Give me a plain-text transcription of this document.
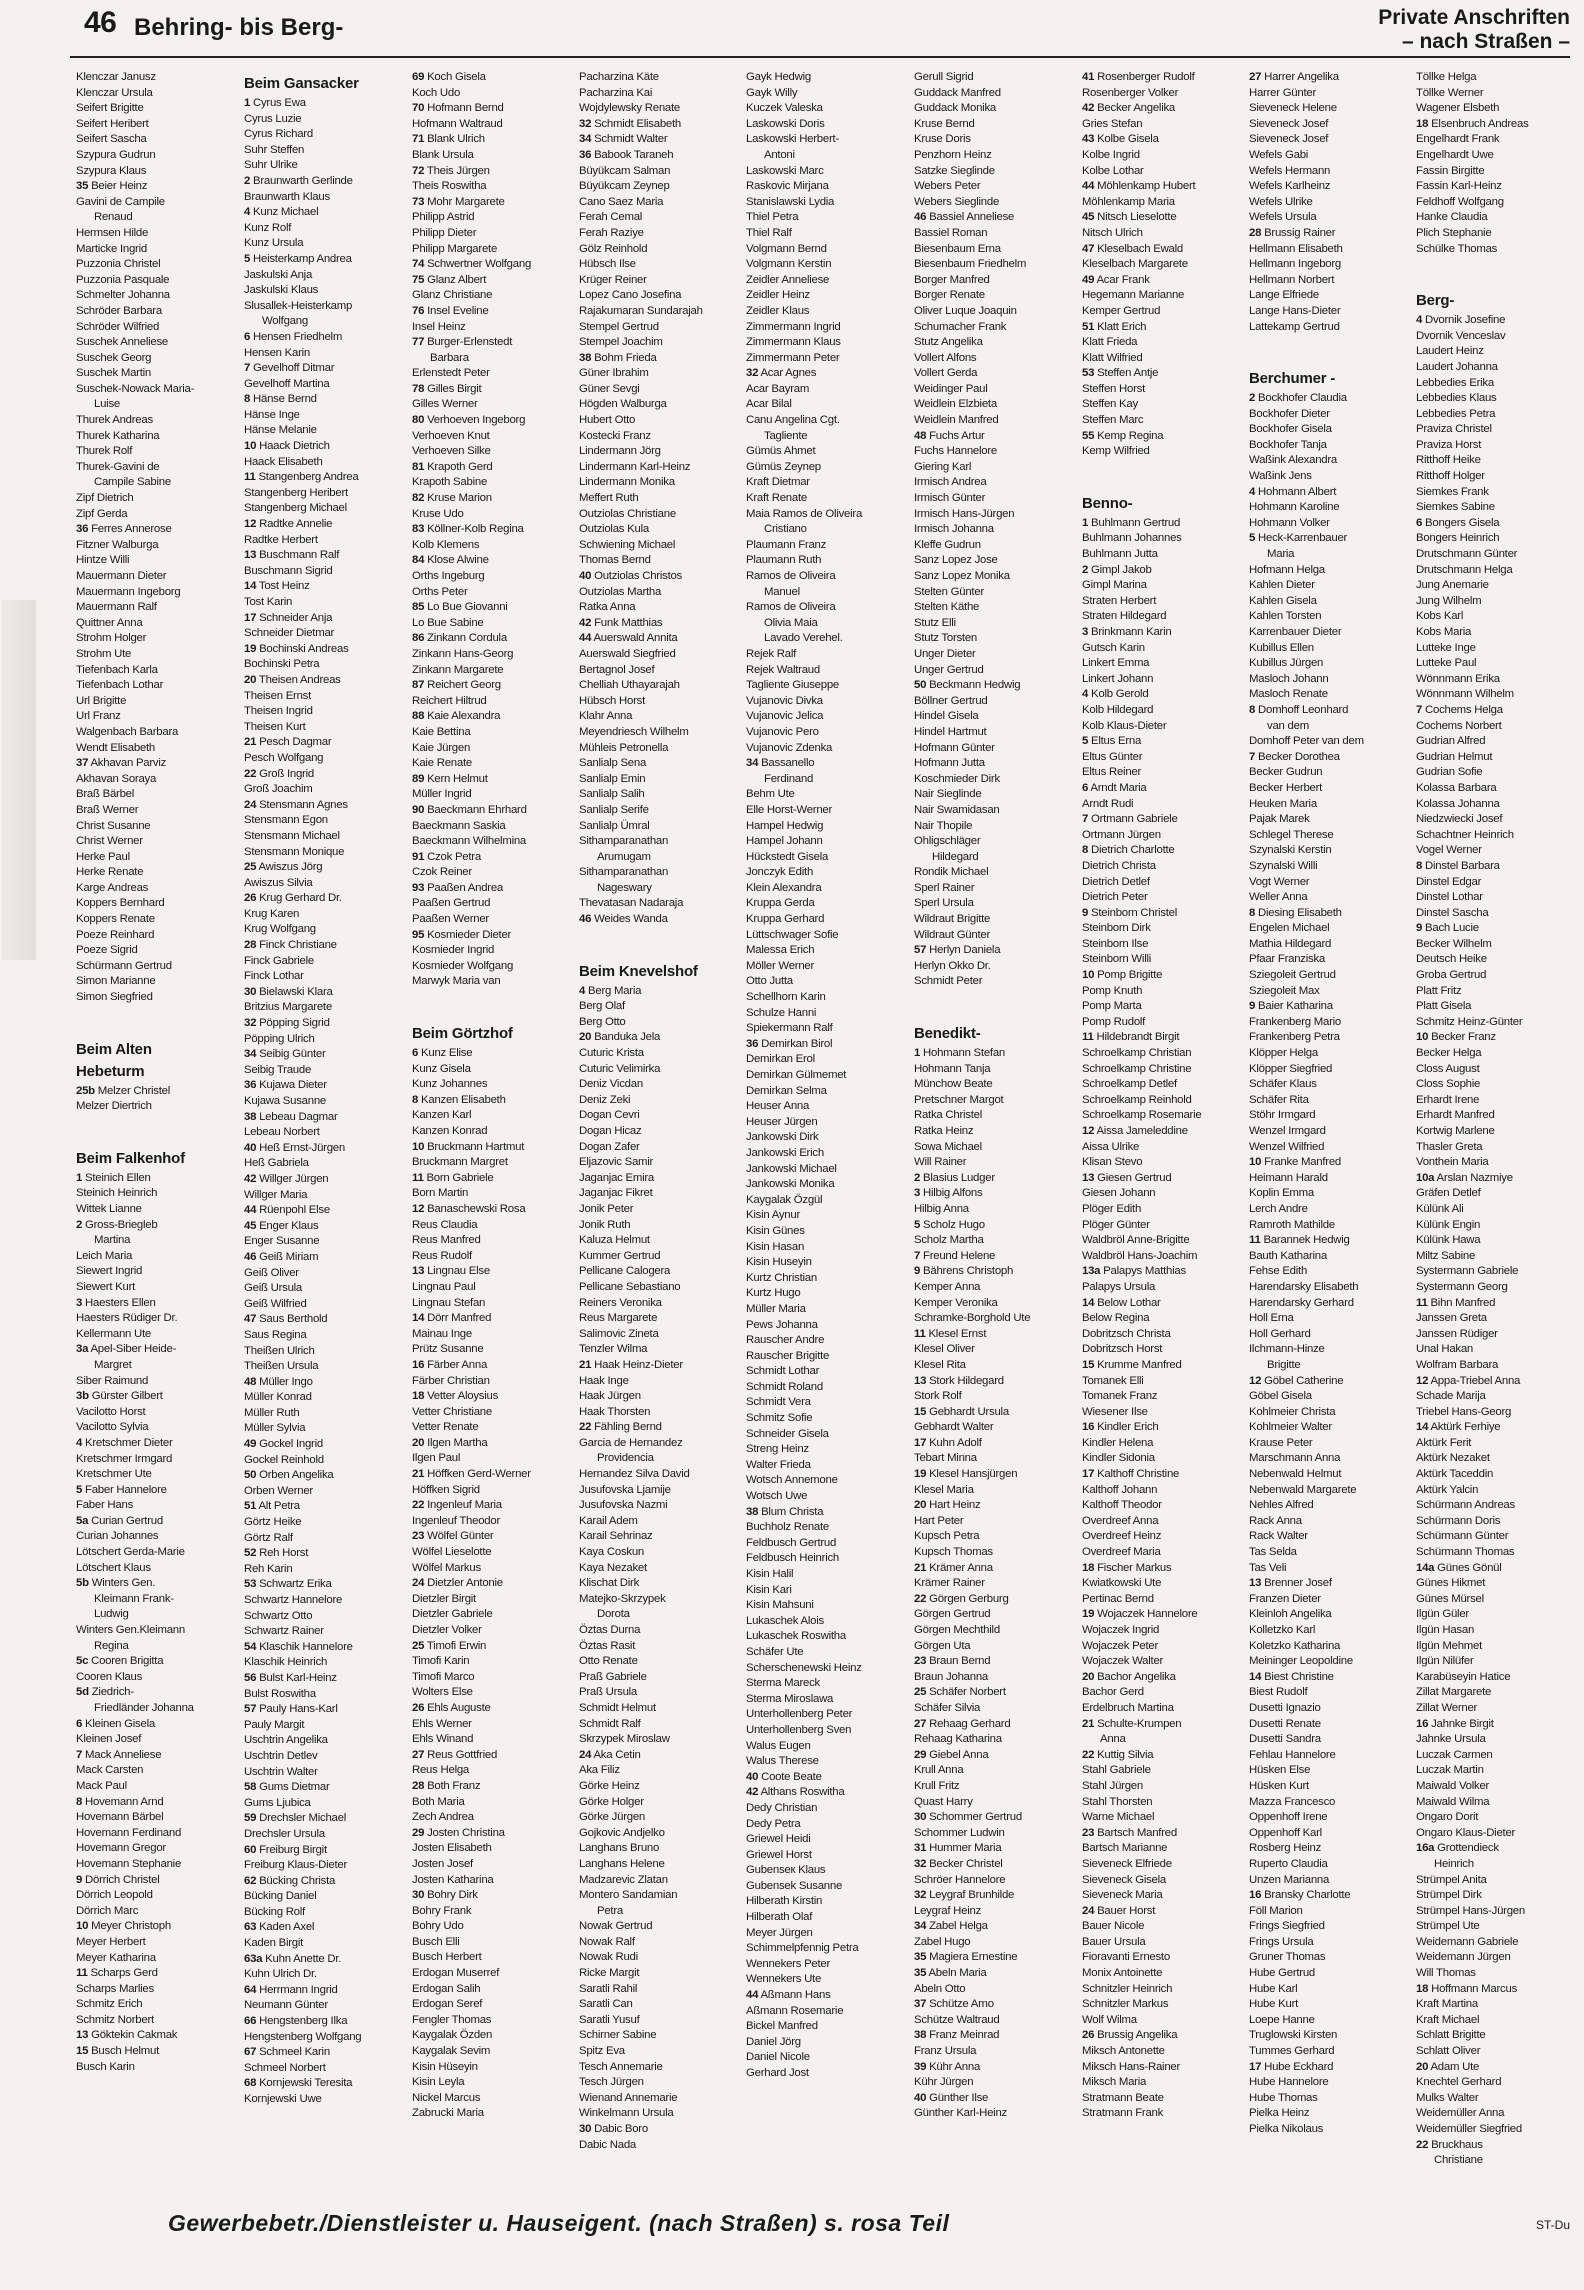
46 Behring- bis Berg-	Private Anschriften
– nach Straßen –
Klenczar Janusz
Klenczar Ursula
Seifert Brigitte
Seifert Heribert
Seifert Sascha
Szypura Gudrun
Szypura Klaus
35 Beier Heinz
Gavini de Campile
Renaud
Hermsen Hilde
Marticke Ingrid
Puzzonia Christel
Puzzonia Pasquale
Schmelter Johanna
Schröder Barbara
Schröder Wilfried
Suschek Anneliese
Suschek Georg
Suschek Martin
Suschek-Nowack Maria-
Luise
Thurek Andreas
Thurek Katharina
Thurek Rolf
Thurek-Gavini de
Campile Sabine
Zipf Dietrich
Zipf Gerda
36 Ferres Annerose
Fitzner Walburga
Hintze Willi
Mauermann Dieter
Mauermann Ingeborg
Mauermann Ralf
Quittner Anna
Strohm Holger
Strohm Ute
Tiefenbach Karla
Tiefenbach Lothar
Url Brigitte
Url Franz
Walgenbach Barbara
Wendt Elisabeth
37 Akhavan Parviz
Akhavan Soraya
Braß Bärbel
Braß Werner
Christ Susanne
Christ Werner
Herke Paul
Herke Renate
Karge Andreas
Koppers Bernhard
Koppers Renate
Poeze Reinhard
Poeze Sigrid
Schürmann Gertrud
Simon Marianne
Simon Siegfried
Beim Alten
Hebeturm
25b Melzer Christel
Melzer Diertrich
Beim Falkenhof
1 Steinich Ellen
Steinich Heinrich
Wittek Lianne
2 Gross-Briegleb
Martina
Leich Maria
Siewert Ingrid
Siewert Kurt
3 Haesters Ellen
Haesters Rüdiger Dr.
Kellermann Ute
3a Apel-Siber Heide-
Margret
Siber Raimund
3b Gürster Gilbert
Vacilotto Horst
Vacilotto Sylvia
4 Kretschmer Dieter
Kretschmer Irmgard
Kretschmer Ute
5 Faber Hannelore
Faber Hans
5a Curian Gertrud
Curian Johannes
Lötschert Gerda-Marie
Lötschert Klaus
5b Winters Gen.
Kleimann Frank-
Ludwig
Winters Gen.Kleimann
Regina
5c Cooren Brigitta
Cooren Klaus
5d Ziedrich-
Friedländer Johanna
6 Kleinen Gisela
Kleinen Josef
7 Mack Anneliese
Mack Carsten
Mack Paul
8 Hovemann Arnd
Hovemann Bärbel
Hovemann Ferdinand
Hovemann Gregor
Hovemann Stephanie
9 Dörrich Christel
Dörrich Leopold
Dörrich Marc
10 Meyer Christoph
Meyer Herbert
Meyer Katharina
11 Scharps Gerd
Scharps Marlies
Schmitz Erich
Schmitz Norbert
13 Göktekin Cakmak
15 Busch Helmut
Busch Karin
Beim Gansacker
1 Cyrus Ewa
Cyrus Luzie
Cyrus Richard
Suhr Steffen
Suhr Ulrike
2 Braunwarth Gerlinde
Braunwarth Klaus
4 Kunz Michael
Kunz Rolf
Kunz Ursula
5 Heisterkamp Andrea
Jaskulski Anja
Jaskulski Klaus
Slusallek-Heisterkamp
Wolfgang
6 Hensen Friedhelm
Hensen Karin
7 Gevelhoff Ditmar
Gevelhoff Martina
8 Hänse Bernd
Hänse Inge
Hänse Melanie
10 Haack Dietrich
Haack Elisabeth
11 Stangenberg Andrea
Stangenberg Heribert
Stangenberg Michael
12 Radtke Annelie
Radtke Herbert
13 Buschmann Ralf
Buschmann Sigrid
14 Tost Heinz
Tost Karin
17 Schneider Anja
Schneider Dietmar
19 Bochinski Andreas
Bochinski Petra
20 Theisen Andreas
Theisen Ernst
Theisen Ingrid
Theisen Kurt
21 Pesch Dagmar
Pesch Wolfgang
22 Groß Ingrid
Groß Joachim
24 Stensmann Agnes
Stensmann Egon
Stensmann Michael
Stensmann Monique
25 Awiszus Jörg
Awiszus Silvia
26 Krug Gerhard Dr.
Krug Karen
Krug Wolfgang
28 Finck Christiane
Finck Gabriele
Finck Lothar
30 Bielawski Klara
Britzius Margarete
32 Pöpping Sigrid
Pöpping Ulrich
34 Seibig Günter
Seibig Traude
36 Kujawa Dieter
Kujawa Susanne
38 Lebeau Dagmar
Lebeau Norbert
40 Heß Ernst-Jürgen
Heß Gabriela
42 Willger Jürgen
Willger Maria
44 Rüenpohl Else
45 Enger Klaus
Enger Susanne
46 Geiß Miriam
Geiß Oliver
Geiß Ursula
Geiß Wilfried
47 Saus Berthold
Saus Regina
Theißen Ulrich
Theißen Ursula
48 Müller Ingo
Müller Konrad
Müller Ruth
Müller Sylvia
49 Gockel Ingrid
Gockel Reinhold
50 Orben Angelika
Orben Werner
51 Alt Petra
Görtz Heike
Görtz Ralf
52 Reh Horst
Reh Karin
53 Schwartz Erika
Schwartz Hannelore
Schwartz Otto
Schwartz Rainer
54 Klaschik Hannelore
Klaschik Heinrich
56 Bulst Karl-Heinz
Bulst Roswitha
57 Pauly Hans-Karl
Pauly Margit
Uschtrin Angelika
Uschtrin Detlev
Uschtrin Walter
58 Gums Dietmar
Gums Ljubica
59 Drechsler Michael
Drechsler Ursula
60 Freiburg Birgit
Freiburg Klaus-Dieter
62 Bücking Christa
Bücking Daniel
Bücking Rolf
63 Kaden Axel
Kaden Birgit
63a Kuhn Anette Dr.
Kuhn Ulrich Dr.
64 Herrmann Ingrid
Neumann Günter
66 Hengstenberg Ilka
Hengstenberg Wolfgang
67 Schmeel Karin
Schmeel Norbert
68 Kornjewski Teresita
Kornjewski Uwe
69 Koch Gisela
Koch Udo
70 Hofmann Bernd
Hofmann Waltraud
71 Blank Ulrich
Blank Ursula
72 Theis Jürgen
Theis Roswitha
73 Mohr Margarete
Philipp Astrid
Philipp Dieter
Philipp Margarete
74 Schwertner Wolfgang
75 Glanz Albert
Glanz Christiane
76 Insel Eveline
Insel Heinz
77 Burger-Erlenstedt
Barbara
Erlenstedt Peter
78 Gilles Birgit
Gilles Werner
80 Verhoeven Ingeborg
Verhoeven Knut
Verhoeven Silke
81 Krapoth Gerd
Krapoth Sabine
82 Kruse Marion
Kruse Udo
83 Köllner-Kolb Regina
Kolb Klemens
84 Klose Alwine
Orths Ingeburg
Orths Peter
85 Lo Bue Giovanni
Lo Bue Sabine
86 Zinkann Cordula
Zinkann Hans-Georg
Zinkann Margarete
87 Reichert Georg
Reichert Hiltrud
88 Kaie Alexandra
Kaie Bettina
Kaie Jürgen
Kaie Renate
89 Kern Helmut
Müller Ingrid
90 Baeckmann Ehrhard
Baeckmann Saskia
Baeckmann Wilhelmina
91 Czok Petra
Czok Reiner
93 Paaßen Andrea
Paaßen Gertrud
Paaßen Werner
95 Kosmieder Dieter
Kosmieder Ingrid
Kosmieder Wolfgang
Marwyk Maria van
Beim Görtzhof
6 Kunz Elise
Kunz Gisela
Kunz Johannes
8 Kanzen Elisabeth
Kanzen Karl
Kanzen Konrad
10 Bruckmann Hartmut
Bruckmann Margret
11 Born Gabriele
Born Martin
12 Banaschewski Rosa
Reus Claudia
Reus Manfred
Reus Rudolf
13 Lingnau Else
Lingnau Paul
Lingnau Stefan
14 Dörr Manfred
Mainau Inge
Prütz Susanne
16 Färber Anna
Färber Christian
18 Vetter Aloysius
Vetter Christiane
Vetter Renate
20 Ilgen Martha
Ilgen Paul
21 Höffken Gerd-Werner
Höffken Sigrid
22 Ingenleuf Maria
Ingenleuf Theodor
23 Wölfel Günter
Wölfel Lieselotte
Wölfel Markus
24 Dietzler Antonie
Dietzler Birgit
Dietzler Gabriele
Dietzler Volker
25 Timofi Erwin
Timofi Karin
Timofi Marco
Wolters Else
26 Ehls Auguste
Ehls Werner
Ehls Winand
27 Reus Gottfried
Reus Helga
28 Both Franz
Both Maria
Zech Andrea
29 Josten Christina
Josten Elisabeth
Josten Josef
Josten Katharina
30 Bohry Dirk
Bohry Frank
Bohry Udo
Busch Elli
Busch Herbert
Erdogan Muserref
Erdogan Salih
Erdogan Seref
Fengler Thomas
Kaygalak Özden
Kaygalak Sevim
Kisin Hüseyin
Kisin Leyla
Nickel Marcus
Zabrucki Maria
Pacharzina Käte
Pacharzina Kai
Wojdylewsky Renate
32 Schmidt Elisabeth
34 Schmidt Walter
36 Babook Taraneh
Büyükcam Salman
Büyükcam Zeynep
Cano Saez Maria
Ferah Cemal
Ferah Raziye
Gölz Reinhold
Hübsch Ilse
Krüger Reiner
Lopez Cano Josefina
Rajakumaran Sundarajah
Stempel Gertrud
Stempel Joachim
38 Bohm Frieda
Güner Ibrahim
Güner Sevgi
Högden Walburga
Hubert Otto
Kostecki Franz
Lindermann Jörg
Lindermann Karl-Heinz
Lindermann Monika
Meffert Ruth
Outziolas Christiane
Outziolas Kula
Schwiening Michael
Thomas Bernd
40 Outziolas Christos
Outziolas Martha
Ratka Anna
42 Funk Matthias
44 Auerswald Annita
Auerswald Siegfried
Bertagnol Josef
Chelliah Uthayarajah
Hübsch Horst
Klahr Anna
Meyendriesch Wilhelm
Mühleis Petronella
Sanlialp Sena
Sanlialp Emin
Sanlialp Salih
Sanlialp Serife
Sanlialp Ümral
Sithamparanathan
Arumugam
Sithamparanathan
Nageswary
Thevatasan Nadaraja
46 Weides Wanda
Beim Knevelshof
4 Berg Maria
Berg Olaf
Berg Otto
20 Banduka Jela
Cuturic Krista
Cuturic Velimirka
Deniz Vicdan
Deniz Zeki
Dogan Cevri
Dogan Hicaz
Dogan Zafer
Eljazovic Samir
Jaganjac Emira
Jaganjac Fikret
Jonik Peter
Jonik Ruth
Kaluza Helmut
Kummer Gertrud
Pellicane Calogera
Pellicane Sebastiano
Reiners Veronika
Reus Margarete
Salimovic Zineta
Tenzler Wilma
21 Haak Heinz-Dieter
Haak Inge
Haak Jürgen
Haak Thorsten
22 Fähling Bernd
Garcia de Hernandez
Providencia
Hernandez Silva David
Jusufovska Ljamije
Jusufovska Nazmi
Karail Adem
Karail Sehrinaz
Kaya Coskun
Kaya Nezaket
Klischat Dirk
Matejko-Skrzypek
Dorota
Öztas Durna
Öztas Rasit
Otto Renate
Praß Gabriele
Praß Ursula
Schmidt Helmut
Schmidt Ralf
Skrzypek Miroslaw
24 Aka Cetin
Aka Filiz
Görke Heinz
Görke Holger
Görke Jürgen
Gojkovic Andjelko
Langhans Bruno
Langhans Helene
Madzarevic Zlatan
Montero Sandamian
Petra
Nowak Gertrud
Nowak Ralf
Nowak Rudi
Ricke Margit
Saratli Rahil
Saratli Can
Saratli Yusuf
Schirner Sabine
Spitz Eva
Tesch Annemarie
Tesch Jürgen
Wienand Annemarie
Winkelmann Ursula
30 Dabic Boro
Dabic Nada
Gayk Hedwig
Gayk Willy
Kuczek Valeska
Laskowski Doris
Laskowski Herbert-
Antoni
Laskowski Marc
Raskovic Mirjana
Stanislawski Lydia
Thiel Petra
Thiel Ralf
Volgmann Bernd
Volgmann Kerstin
Zeidler Anneliese
Zeidler Heinz
Zeidler Klaus
Zimmermann Ingrid
Zimmermann Klaus
Zimmermann Peter
32 Acar Agnes
Acar Bayram
Acar Bilal
Canu Angelina Cgt.
Tagliente
Gümüs Ahmet
Gümüs Zeynep
Kraft Dietmar
Kraft Renate
Maia Ramos de Oliveira
Cristiano
Plaumann Franz
Plaumann Ruth
Ramos de Oliveira
Manuel
Ramos de Oliveira
Olivia Maia
Lavado Verehel.
Rejek Ralf
Rejek Waltraud
Tagliente Giuseppe
Vujanovic Divka
Vujanovic Jelica
Vujanovic Pero
Vujanovic Zdenka
34 Bassanello
Ferdinand
Behm Ute
Elle Horst-Werner
Hampel Hedwig
Hampel Johann
Hückstedt Gisela
Jonczyk Edith
Klein Alexandra
Kruppa Gerda
Kruppa Gerhard
Lüttschwager Sofie
Malessa Erich
Möller Werner
Otto Jutta
Schellhorn Karin
Schulze Hanni
Spiekermann Ralf
36 Demirkan Birol
Demirkan Erol
Demirkan Gülmemet
Demirkan Selma
Heuser Anna
Heuser Jürgen
Jankowski Dirk
Jankowski Erich
Jankowski Michael
Jankowski Monika
Kaygalak Özgül
Kisin Aynur
Kisin Günes
Kisin Hasan
Kisin Huseyin
Kurtz Christian
Kurtz Hugo
Müller Maria
Pews Johanna
Rauscher Andre
Rauscher Brigitte
Schmidt Lothar
Schmidt Roland
Schmidt Vera
Schmitz Sofie
Schneider Gisela
Streng Heinz
Walter Frieda
Wotsch Annemone
Wotsch Uwe
38 Blum Christa
Buchholz Renate
Feldbusch Gertrud
Feldbusch Heinrich
Kisin Halil
Kisin Kari
Kisin Mahsuni
Lukaschek Alois
Lukaschek Roswitha
Schäfer Ute
Scherschenewski Heinz
Sterma Mareck
Sterma Miroslawa
Unterhollenberg Peter
Unterhollenberg Sven
Walus Eugen
Walus Therese
40 Coote Beate
42 Althans Roswitha
Dedy Christian
Dedy Petra
Griewel Heidi
Griewel Horst
Gubenseк Klaus
Gubensek Susanne
Hilberath Kirstin
Hilberath Olaf
Meyer Jürgen
Schimmelpfennig Petra
Wennekers Peter
Wennekers Ute
44 Aßmann Hans
Aßmann Rosemarie
Bickel Manfred
Daniel Jörg
Daniel Nicole
Gerhard Jost
Gerull Sigrid
Guddack Manfred
Guddack Monika
Kruse Bernd
Kruse Doris
Penzhorn Heinz
Satzke Sieglinde
Webers Peter
Webers Sieglinde
46 Bassiel Anneliese
Bassiel Roman
Biesenbaum Erna
Biesenbaum Friedhelm
Borger Manfred
Borger Renate
Oliver Luque Joaquin
Schumacher Frank
Stutz Angelika
Vollert Alfons
Vollert Gerda
Weidinger Paul
Weidlein Elzbieta
Weidlein Manfred
48 Fuchs Artur
Fuchs Hannelore
Giering Karl
Irmisch Andrea
Irmisch Günter
Irmisch Hans-Jürgen
Irmisch Johanna
Kleffe Gudrun
Sanz Lopez Jose
Sanz Lopez Monika
Stelten Günter
Stelten Käthe
Stutz Elli
Stutz Torsten
Unger Dieter
Unger Gertrud
50 Beckmann Hedwig
Böllner Gertrud
Hindel Gisela
Hindel Hartmut
Hofmann Günter
Hofmann Jutta
Koschmieder Dirk
Nair Sieglinde
Nair Swamidasan
Nair Thopile
Ohligschläger
Hildegard
Rondik Michael
Sperl Rainer
Sperl Ursula
Wildraut Brigitte
Wildraut Günter
57 Herlyn Daniela
Herlyn Okko Dr.
Schmidt Peter
Benedikt-
1 Hohmann Stefan
Hohmann Tanja
Münchow Beate
Pretschner Margot
Ratka Christel
Ratka Heinz
Sowa Michael
Will Rainer
2 Blasius Ludger
3 Hilbig Alfons
Hilbig Anna
5 Scholz Hugo
Scholz Martha
7 Freund Helene
9 Bährens Christoph
Kemper Anna
Kemper Veronika
Schramke-Borghold Ute
11 Klesel Ernst
Klesel Oliver
Klesel Rita
13 Stork Hildegard
Stork Rolf
15 Gebhardt Ursula
Gebhardt Walter
17 Kuhn Adolf
Tebart Minna
19 Klesel Hansjürgen
Klesel Maria
20 Hart Heinz
Hart Peter
Kupsch Petra
Kupsch Thomas
21 Krämer Anna
Krämer Rainer
22 Görgen Gerburg
Görgen Gertrud
Görgen Mechthild
Görgen Uta
23 Braun Bernd
Braun Johanna
25 Schäfer Norbert
Schäfer Silvia
27 Rehaag Gerhard
Rehaag Katharina
29 Giebel Anna
Krull Anna
Krull Fritz
Quast Harry
30 Schommer Gertrud
Schommer Ludwin
31 Hummer Maria
32 Becker Christel
Schröer Hannelore
32 Leygraf Brunhilde
Leygraf Heinz
34 Zabel Helga
Zabel Hugo
35 Magiera Ernestine
35 Abeln Maria
Abeln Otto
37 Schütze Arno
Schütze Waltraud
38 Franz Meinrad
Franz Ursula
39 Kühr Anna
Kühr Jürgen
40 Günther Ilse
Günther Karl-Heinz
41 Rosenberger Rudolf
Rosenberger Volker
42 Becker Angelika
Gries Stefan
43 Kolbe Gisela
Kolbe Ingrid
Kolbe Lothar
44 Möhlenkamp Hubert
Möhlenkamp Maria
45 Nitsch Lieselotte
Nitsch Ulrich
47 Kleselbach Ewald
Kleselbach Margarete
49 Acar Frank
Hegemann Marianne
Kemper Gertrud
51 Klatt Erich
Klatt Frieda
Klatt Wilfried
53 Steffen Antje
Steffen Horst
Steffen Kay
Steffen Marc
55 Kemp Regina
Kemp Wilfried
Benno-
1 Buhlmann Gertrud
Buhlmann Johannes
Buhlmann Jutta
2 Gimpl Jakob
Gimpl Marina
Straten Herbert
Straten Hildegard
3 Brinkmann Karin
Gutsch Karin
Linkert Emma
Linkert Johann
4 Kolb Gerold
Kolb Hildegard
Kolb Klaus-Dieter
5 Eltus Erna
Eltus Günter
Eltus Reiner
6 Arndt Maria
Arndt Rudi
7 Ortmann Gabriele
Ortmann Jürgen
8 Dietrich Charlotte
Dietrich Christa
Dietrich Detlef
Dietrich Peter
9 Steinborn Christel
Steinborn Dirk
Steinborn Ilse
Steinborn Willi
10 Pomp Brigitte
Pomp Knuth
Pomp Marta
Pomp Rudolf
11 Hildebrandt Birgit
Schroelkamp Christian
Schroelkamp Christine
Schroelkamp Detlef
Schroelkamp Reinhold
Schroelkamp Rosemarie
12 Aissa Jameleddine
Aissa Ulrike
Klisan Stevo
13 Giesen Gertrud
Giesen Johann
Plöger Edith
Plöger Günter
Waldbröl Anne-Brigitte
Waldbröl Hans-Joachim
13a Palapys Matthias
Palapys Ursula
14 Below Lothar
Below Regina
Dobritzsch Christa
Dobritzsch Horst
15 Krumme Manfred
Tomanek Elli
Tomanek Franz
Wiesener Ilse
16 Kindler Erich
Kindler Helena
Kindler Sidonia
17 Kalthoff Christine
Kalthoff Johann
Kalthoff Theodor
Overdreef Anna
Overdreef Heinz
Overdreef Maria
18 Fischer Markus
Kwiatkowski Ute
Pertinac Bernd
19 Wojaczek Hannelore
Wojaczek Ingrid
Wojaczek Peter
Wojaczek Walter
20 Bachor Angelika
Bachor Gerd
Erdelbruch Martina
21 Schulte-Krumpen
Anna
22 Kuttig Silvia
Stahl Gabriele
Stahl Jürgen
Stahl Thorsten
Warne Michael
23 Bartsch Manfred
Bartsch Marianne
Sieveneck Elfriede
Sieveneck Gisela
Sieveneck Maria
24 Bauer Horst
Bauer Nicole
Bauer Ursula
Fioravanti Ernesto
Monix Antoinette
Schnitzler Heinrich
Schnitzler Markus
Wolf Wilma
26 Brussig Angelika
Miksch Antonette
Miksch Hans-Rainer
Miksch Maria
Stratmann Beate
Stratmann Frank
27 Harrer Angelika
Harrer Günter
Sieveneck Helene
Sieveneck Josef
Sieveneck Josef
Wefels Gabi
Wefels Hermann
Wefels Karlheinz
Wefels Ulrike
Wefels Ursula
28 Brussig Rainer
Hellmann Elisabeth
Hellmann Ingeborg
Hellmann Norbert
Lange Elfriede
Lange Hans-Dieter
Lattekamp Gertrud
Berchumer -
2 Bockhofer Claudia
Bockhofer Dieter
Bockhofer Gisela
Bockhofer Tanja
Waßink Alexandra
Waßink Jens
4 Hohmann Albert
Hohmann Karoline
Hohmann Volker
5 Heck-Karrenbauer
Maria
Hofmann Helga
Kahlen Dieter
Kahlen Gisela
Kahlen Torsten
Karrenbauer Dieter
Kubillus Ellen
Kubillus Jürgen
Masloch Johann
Masloch Renate
8 Domhoff Leonhard
van dem
Domhoff Peter van dem
7 Becker Dorothea
Becker Gudrun
Becker Herbert
Heuken Maria
Pajak Marek
Schlegel Therese
Szynalski Kerstin
Szynalski Willi
Vogt Werner
Weller Anna
8 Diesing Elisabeth
Engelen Michael
Mathia Hildegard
Pfaar Franziska
Sziegoleit Gertrud
Sziegoleit Max
9 Baier Katharina
Frankenberg Mario
Frankenberg Petra
Klöpper Helga
Klöpper Siegfried
Schäfer Klaus
Schäfer Rita
Stöhr Irmgard
Wenzel Irmgard
Wenzel Wilfried
10 Franke Manfred
Heimann Harald
Koplin Emma
Lerch Andre
Ramroth Mathilde
11 Barannek Hedwig
Bauth Katharina
Fehse Edith
Harendarsky Elisabeth
Harendarsky Gerhard
Holl Erna
Holl Gerhard
Ilchmann-Hinze
Brigitte
12 Göbel Catherine
Göbel Gisela
Kohlmeier Christa
Kohlmeier Walter
Krause Peter
Marschmann Anna
Nebenwald Helmut
Nebenwald Margarete
Nehles Alfred
Rack Anna
Rack Walter
Tas Selda
Tas Veli
13 Brenner Josef
Franzen Dieter
Kleinloh Angelika
Kolletzko Karl
Koletzko Katharina
Meininger Leopoldine
14 Biest Christine
Biest Rudolf
Dusetti Ignazio
Dusetti Renate
Dusetti Sandra
Fehlau Hannelore
Hüsken Else
Hüsken Kurt
Mazza Francesco
Oppenhoff Irene
Oppenhoff Karl
Rosberg Heinz
Ruperto Claudia
Unzen Marianna
16 Bransky Charlotte
Föll Marion
Frings Siegfried
Frings Ursula
Gruner Thomas
Hube Gertrud
Hube Karl
Hube Kurt
Loepe Hanne
Truglowski Kirsten
Tummes Gerhard
17 Hube Eckhard
Hube Hannelore
Hube Thomas
Pielka Heinz
Pielka Nikolaus
Töllke Helga
Töllke Werner
Wagener Elsbeth
18 Elsenbruch Andreas
Engelhardt Frank
Engelhardt Uwe
Fassin Birgitte
Fassin Karl-Heinz
Feldhoff Wolfgang
Hanke Claudia
Plich Stephanie
Schülke Thomas
Berg-
4 Dvornik Josefine
Dvornik Venceslav
Laudert Heinz
Laudert Johanna
Lebbedies Erika
Lebbedies Klaus
Lebbedies Petra
Praviza Christel
Praviza Horst
Ritthoff Heike
Ritthoff Holger
Siemkes Frank
Siemkes Sabine
6 Bongers Gisela
Bongers Heinrich
Drutschmann Günter
Drutschmann Helga
Jung Anemarie
Jung Wilhelm
Kobs Karl
Kobs Maria
Lutteke Inge
Lutteke Paul
Wönnmann Erika
Wönnmann Wilhelm
7 Cochems Helga
Cochems Norbert
Gudrian Alfred
Gudrian Helmut
Gudrian Sofie
Kolassa Barbara
Kolassa Johanna
Niedzwiecki Josef
Schachtner Heinrich
Vogel Werner
8 Dinstel Barbara
Dinstel Edgar
Dinstel Lothar
Dinstel Sascha
9 Bach Lucie
Becker Wilhelm
Deutsch Heike
Groba Gertrud
Platt Fritz
Platt Gisela
Schmitz Heinz-Günter
10 Becker Franz
Becker Helga
Closs August
Closs Sophie
Erhardt Irene
Erhardt Manfred
Kortwig Marlene
Thasler Greta
Vonthein Maria
10a Arslan Nazmiye
Gräfen Detlef
Külünk Ali
Külünk Engin
Külünk Hawa
Miltz Sabine
Systermann Gabriele
Systermann Georg
11 Bihn Manfred
Janssen Greta
Janssen Rüdiger
Unal Hakan
Wolfram Barbara
12 Appa-Triebel Anna
Schade Marija
Triebel Hans-Georg
14 Aktürk Ferhiye
Aktürk Ferit
Aktürk Nezaket
Aktürk Taceddin
Aktürk Yalcin
Schürmann Andreas
Schürmann Doris
Schürmann Günter
Schürmann Thomas
14a Günes Gönül
Günes Hikmet
Günes Mürsel
Ilgün Güler
Ilgün Hasan
Ilgün Mehmet
Ilgün Nilüfer
Karabüseyin Hatice
Zillat Margarete
Zillat Werner
16 Jahnke Birgit
Jahnke Ursula
Luczak Carmen
Luczak Martin
Maiwald Volker
Maiwald Wilma
Ongaro Dorit
Ongaro Klaus-Dieter
16a Grottendieck
Heinrich
Strümpel Anita
Strümpel Dirk
Strümpel Hans-Jürgen
Strümpel Ute
Weidemann Gabriele
Weidemann Jürgen
Will Thomas
18 Hoffmann Marcus
Kraft Martina
Kraft Michael
Schlatt Brigitte
Schlatt Oliver
20 Adam Ute
Knechtel Gerhard
Mulks Walter
Weidemüller Anna
Weidemüller Siegfried
22 Bruckhaus
Christiane
Gewerbebetr./Dienstleister u. Hauseigent. (nach Straßen) s. rosa Teil	ST-Du
